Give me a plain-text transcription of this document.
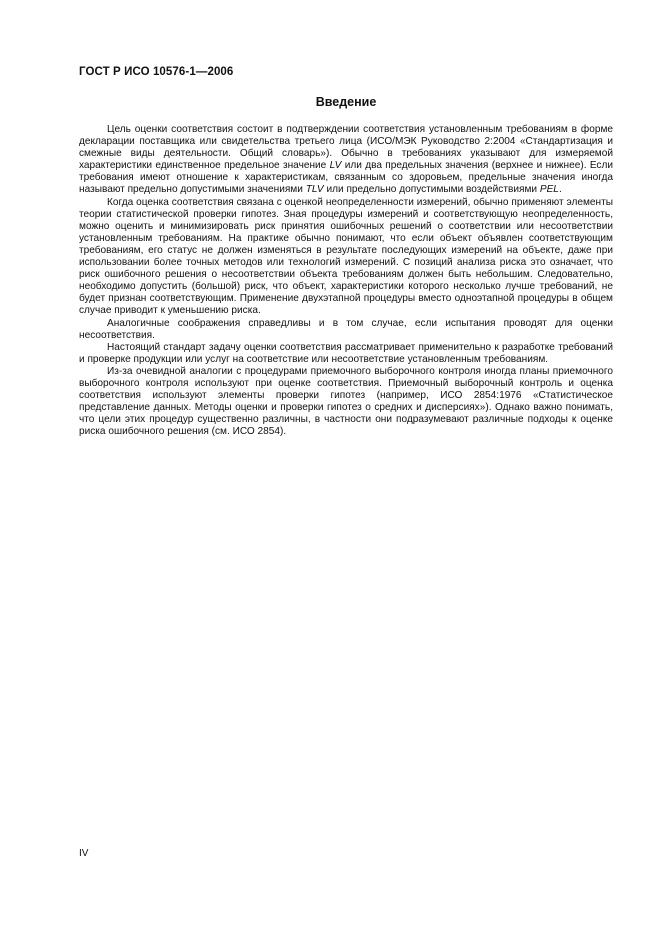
ГОСТ Р ИСО 10576-1—2006
Введение

Цель оценки соответствия состоит в подтверждении соответствия установленным требованиям в форме декларации поставщика или свидетельства третьего лица (ИСО/МЭК Руководство 2:2004 «Стандартизация и смежные виды деятельности. Общий словарь»). Обычно в требованиях указывают для измеряемой характеристики единственное предельное значение LV или два предельных значения (верхнее и нижнее). Если требования имеют отношение к характеристикам, связанным со здоровьем, предельные значения иногда называют предельно допустимыми значениями TLV или предельно допустимыми воздействиями PEL.

Когда оценка соответствия связана с оценкой неопределенности измерений, обычно применяют элементы теории статистической проверки гипотез. Зная процедуры измерений и соответствующую неопределенность, можно оценить и минимизировать риск принятия ошибочных решений о соответствии или несоответствии установленным требованиям. На практике обычно понимают, что если объект объявлен соответствующим требованиям, его статус не должен изменяться в результате последующих измерений на объекте, даже при использовании более точных методов или технологий измерений. С позиций анализа риска это означает, что риск ошибочного решения о несоответствии объекта требованиям должен быть небольшим. Следовательно, необходимо допустить (большой) риск, что объект, характеристики которого несколько лучше требований, не будет признан соответствующим. Применение двухэтапной процедуры вместо одноэтапной процедуры в общем случае приводит к уменьшению риска.

Аналогичные соображения справедливы и в том случае, если испытания проводят для оценки несоответствия.

Настоящий стандарт задачу оценки соответствия рассматривает применительно к разработке требований и проверке продукции или услуг на соответствие или несоответствие установленным требованиям.

Из-за очевидной аналогии с процедурами приемочного выборочного контроля иногда планы приемочного выборочного контроля используют при оценке соответствия. Приемочный выборочный контроль и оценка соответствия используют элементы проверки гипотез (например, ИСО 2854:1976 «Статистическое представление данных. Методы оценки и проверки гипотез о средних и дисперсиях»). Однако важно понимать, что цели этих процедур существенно различны, в частности они подразумевают различные подходы к оценке риска ошибочного решения (см. ИСО 2854).

IV
